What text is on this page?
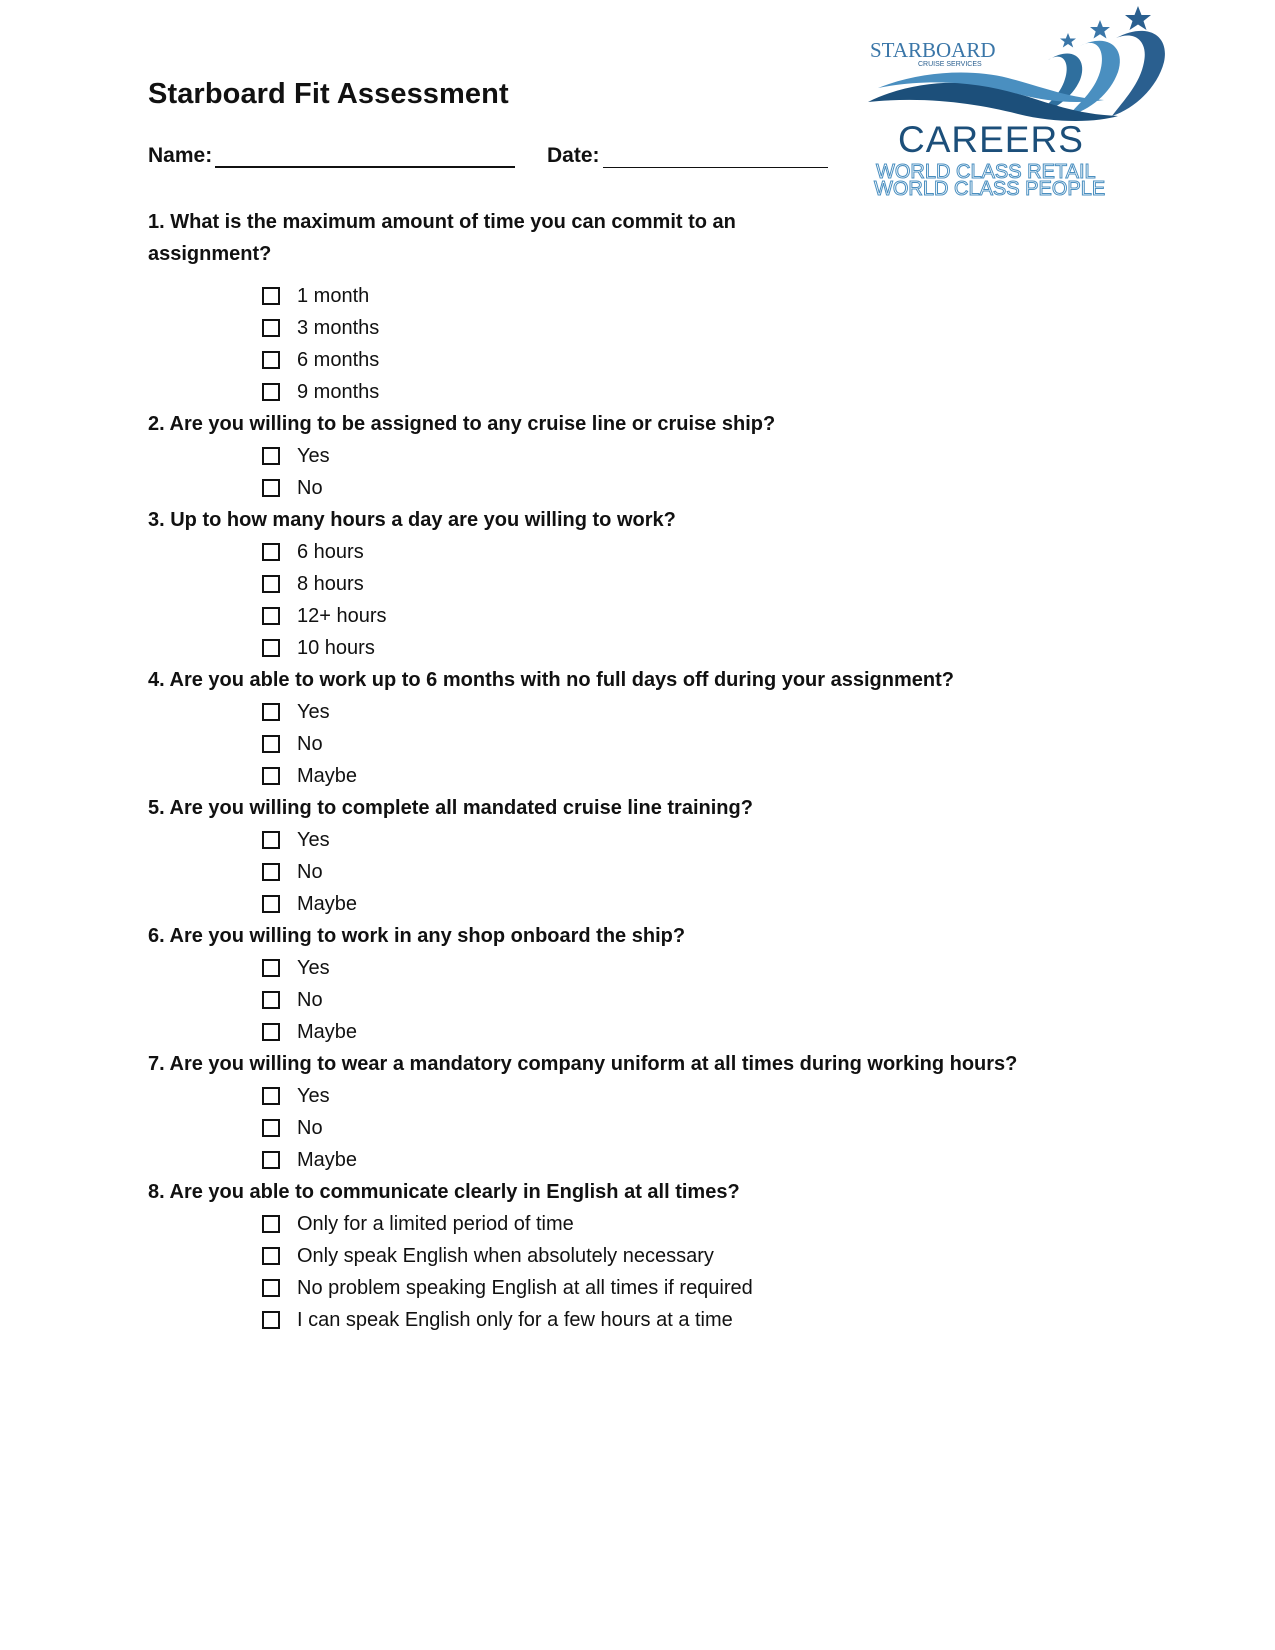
Starboard Fit Assessment
Name:	Date:
STARBOARD
CRUISE SERVICES
CAREERS
WORLD CLASS RETAIL
WORLD CLASS PEOPLE

1. What is the maximum amount of time you can commit to an assignment?

1 month
3 months
6 months
9 months

2. Are you willing to be assigned to any cruise line or cruise ship?

Yes
No

3. Up to how many hours a day are you willing to work?

6 hours
8 hours
12+ hours
10 hours

4. Are you able to work up to 6 months with no full days off during your assignment?

Yes
No
Maybe

5. Are you willing to complete all mandated cruise line training?

Yes
No
Maybe

6. Are you willing to work in any shop onboard the ship?

Yes
No
Maybe

7. Are you willing to wear a mandatory company uniform at all times during working hours?

Yes
No
Maybe

8. Are you able to communicate clearly in English at all times?

Only for a limited period of time
Only speak English when absolutely necessary
No problem speaking English at all times if required
I can speak English only for a few hours at a time
